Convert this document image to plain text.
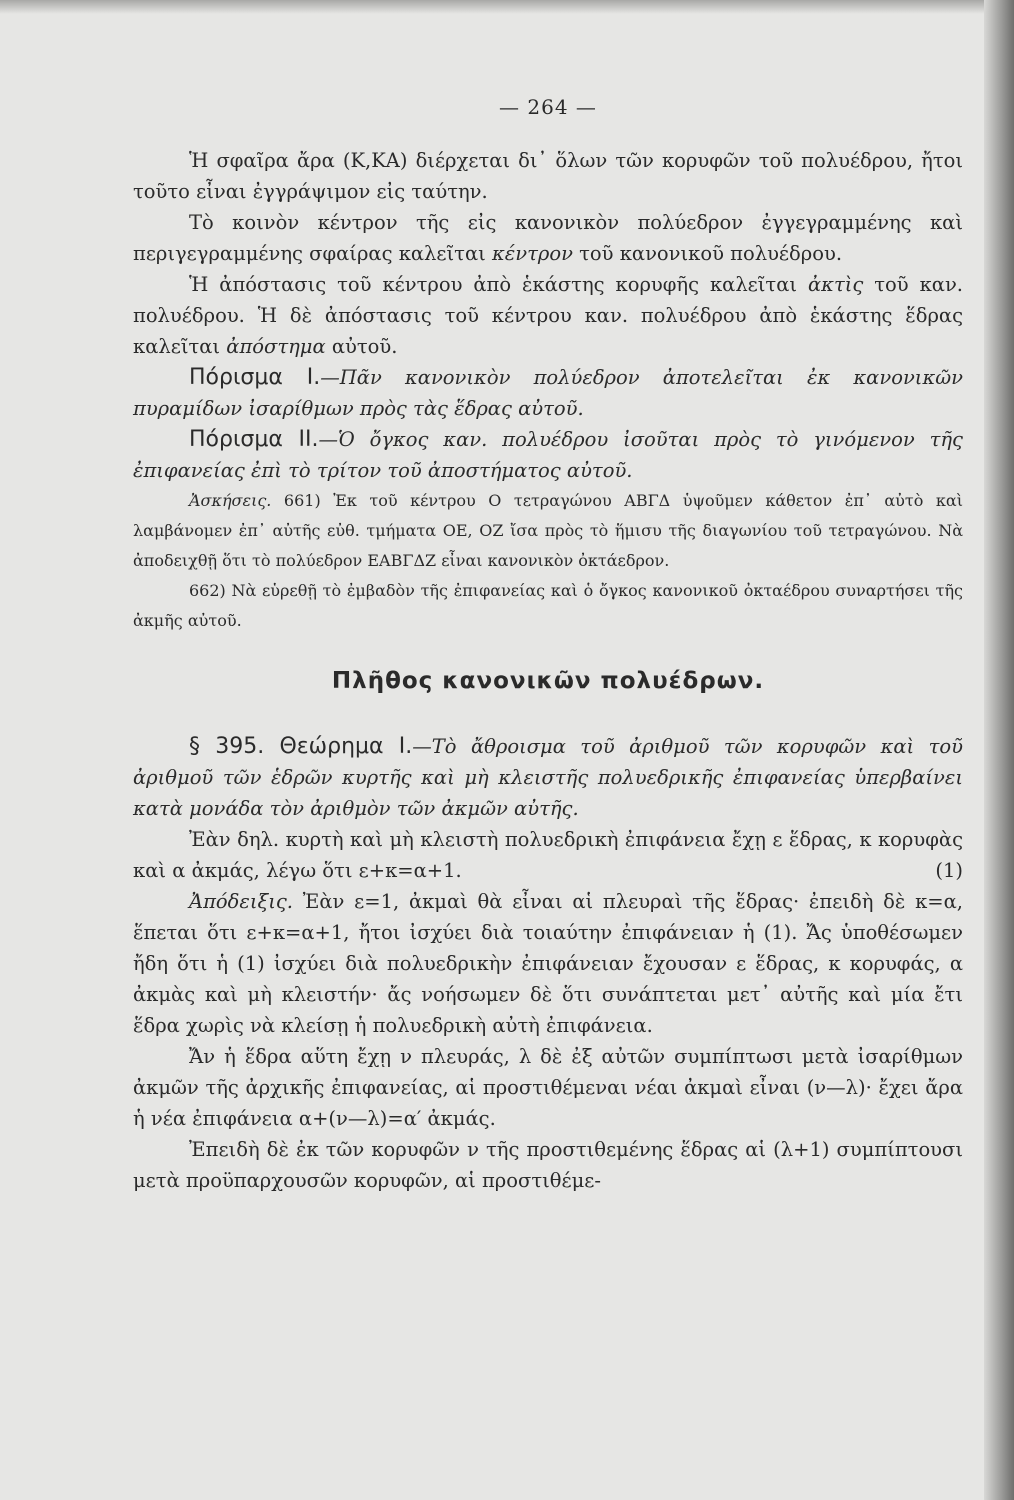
— 264 —

Ἡ σφαῖρα ἄρα (Κ,ΚΑ) διέρχεται δι᾽ ὅλων τῶν κορυφῶν τοῦ πολυέδρου, ἤτοι τοῦτο εἶναι ἐγγράψιμον εἰς ταύτην.

Τὸ κοινὸν κέντρον τῆς εἰς κανονικὸν πολύεδρον ἐγγεγραμμένης καὶ περιγεγραμμένης σφαίρας καλεῖται κέντρον τοῦ κανονικοῦ πολυέδρου.

Ἡ ἀπόστασις τοῦ κέντρου ἀπὸ ἑκάστης κορυφῆς καλεῖται ἀκτὶς τοῦ καν. πολυέδρου. Ἡ δὲ ἀπόστασις τοῦ κέντρου καν. πολυέδρου ἀπὸ ἑκάστης ἕδρας καλεῖται ἀπόστημα αὐτοῦ.

Πόρισμα Ι.—Πᾶν κανονικὸν πολύεδρον ἀποτελεῖται ἐκ κανονικῶν πυραμίδων ἰσαρίθμων πρὸς τὰς ἕδρας αὐτοῦ.

Πόρισμα ΙΙ.—Ὁ ὄγκος καν. πολυέδρου ἰσοῦται πρὸς τὸ γινόμενον τῆς ἐπιφανείας ἐπὶ τὸ τρίτον τοῦ ἀποστήματος αὐτοῦ.

Ἀσκήσεις. 661) Ἐκ τοῦ κέντρου Ο τετραγώνου ΑΒΓΔ ὑψοῦμεν κάθετον ἐπ᾽ αὐτὸ καὶ λαμβάνομεν ἐπ᾽ αὐτῆς εὐθ. τμήματα ΟΕ, ΟΖ ἴσα πρὸς τὸ ἥμισυ τῆς διαγωνίου τοῦ τετραγώνου. Νὰ ἀποδειχθῇ ὅτι τὸ πολύεδρον ΕΑΒΓΔΖ εἶναι κανονικὸν ὀκτάεδρον.

662) Νὰ εὑρεθῇ τὸ ἐμβαδὸν τῆς ἐπιφανείας καὶ ὁ ὄγκος κανονικοῦ ὀκταέδρου συναρτήσει τῆς ἀκμῆς αὐτοῦ.

Πλῆθος κανονικῶν πολυέδρων.

§ 395. Θεώρημα Ι.—Τὸ ἄθροισμα τοῦ ἀριθμοῦ τῶν κορυφῶν καὶ τοῦ ἀριθμοῦ τῶν ἑδρῶν κυρτῆς καὶ μὴ κλειστῆς πολυεδρικῆς ἐπιφανείας ὑπερβαίνει κατὰ μονάδα τὸν ἀριθμὸν τῶν ἀκμῶν αὐτῆς.

Ἐὰν δηλ. κυρτὴ καὶ μὴ κλειστὴ πολυεδρικὴ ἐπιφάνεια ἔχῃ ε ἕδρας, κ κορυφὰς καὶ α ἀκμάς, λέγω ὅτι ε+κ=α+1.	(1)

Ἀπόδειξις. Ἐὰν ε=1, ἀκμαὶ θὰ εἶναι αἱ πλευραὶ τῆς ἕδρας· ἐπειδὴ δὲ κ=α, ἕπεται ὅτι ε+κ=α+1, ἤτοι ἰσχύει διὰ τοιαύτην ἐπιφάνειαν ἡ (1). Ἄς ὑποθέσωμεν ἤδη ὅτι ἡ (1) ἰσχύει διὰ πολυεδρικὴν ἐπιφάνειαν ἔχουσαν ε ἕδρας, κ κορυφάς, α ἀκμὰς καὶ μὴ κλειστήν· ἄς νοήσωμεν δὲ ὅτι συνάπτεται μετ᾽ αὐτῆς καὶ μία ἔτι ἕδρα χωρὶς νὰ κλείσῃ ἡ πολυεδρικὴ αὐτὴ ἐπιφάνεια.

Ἄν ἡ ἕδρα αὕτη ἔχῃ ν πλευράς, λ δὲ ἐξ αὐτῶν συμπίπτωσι μετὰ ἰσαρίθμων ἀκμῶν τῆς ἀρχικῆς ἐπιφανείας, αἱ προστιθέμεναι νέαι ἀκμαὶ εἶναι (ν—λ)· ἔχει ἄρα ἡ νέα ἐπιφάνεια α+(ν—λ)=α′ ἀκμάς.

Ἐπειδὴ δὲ ἐκ τῶν κορυφῶν ν τῆς προστιθεμένης ἕδρας αἱ (λ+1) συμπίπτουσι μετὰ προϋπαρχουσῶν κορυφῶν, αἱ προστιθέμε-
